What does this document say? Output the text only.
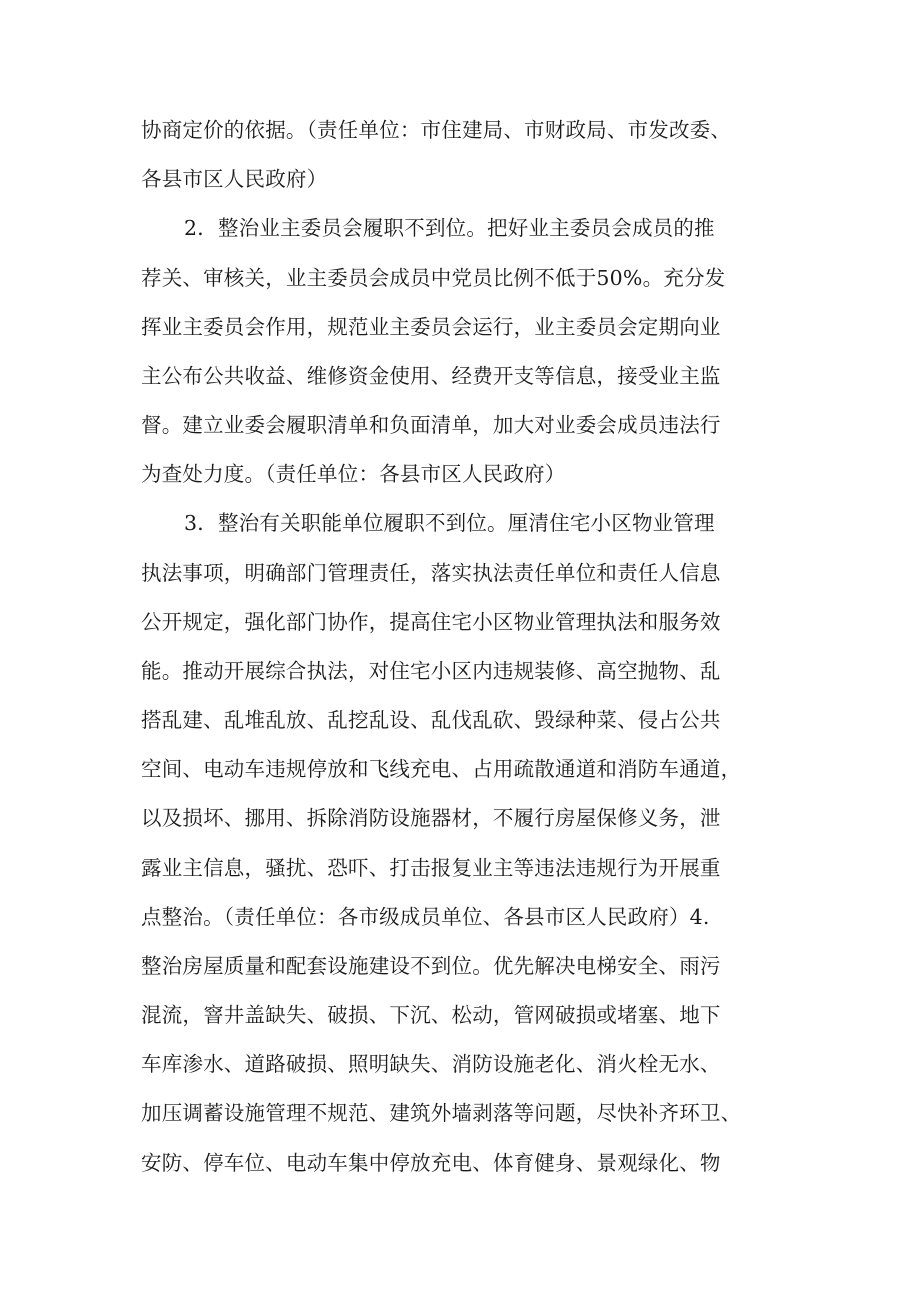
协商定价的依据。（责任单位：市住建局、市财政局、市发改委、
各县市区人民政府）
2．整治业主委员会履职不到位。把好业主委员会成员的推
荐关、审核关，业主委员会成员中党员比例不低于50%。充分发
挥业主委员会作用，规范业主委员会运行，业主委员会定期向业
主公布公共收益、维修资金使用、经费开支等信息，接受业主监
督。建立业委会履职清单和负面清单，加大对业委会成员违法行
为查处力度。（责任单位：各县市区人民政府）
3．整治有关职能单位履职不到位。厘清住宅小区物业管理
执法事项，明确部门管理责任，落实执法责任单位和责任人信息
公开规定，强化部门协作，提高住宅小区物业管理执法和服务效
能。推动开展综合执法，对住宅小区内违规装修、高空抛物、乱
搭乱建、乱堆乱放、乱挖乱设、乱伐乱砍、毁绿种菜、侵占公共
空间、电动车违规停放和飞线充电、占用疏散通道和消防车通道，
以及损坏、挪用、拆除消防设施器材，不履行房屋保修义务，泄
露业主信息，骚扰、恐吓、打击报复业主等违法违规行为开展重
点整治。（责任单位：各市级成员单位、各县市区人民政府）4.
整治房屋质量和配套设施建设不到位。优先解决电梯安全、雨污
混流，窨井盖缺失、破损、下沉、松动，管网破损或堵塞、地下
车库渗水、道路破损、照明缺失、消防设施老化、消火栓无水、
加压调蓄设施管理不规范、建筑外墙剥落等问题，尽快补齐环卫、
安防、停车位、电动车集中停放充电、体育健身、景观绿化、物
